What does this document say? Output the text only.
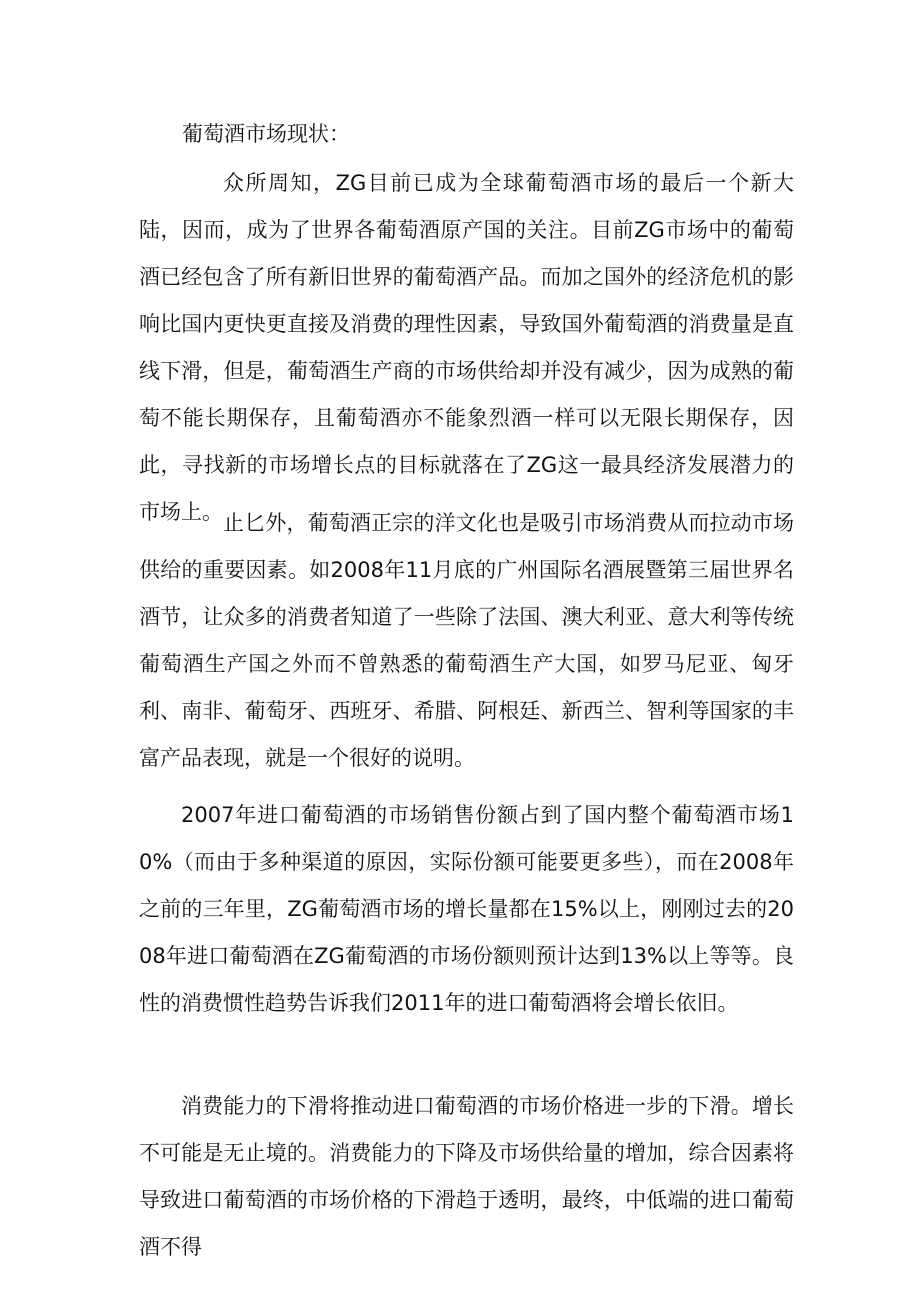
葡萄酒市场现状：

众所周知，ZG目前已成为全球葡萄酒市场的最后一个新大陆，因而，成为了世界各葡萄酒原产国的关注。目前ZG市场中的葡萄酒已经包含了所有新旧世界的葡萄酒产品。而加之国外的经济危机的影响比国内更快更直接及消费的理性因素，导致国外葡萄酒的消费量是直线下滑，但是，葡萄酒生产商的市场供给却并没有减少，因为成熟的葡萄不能长期保存，且葡萄酒亦不能象烈酒一样可以无限长期保存，因此，寻找新的市场增长点的目标就落在了ZG这一最具经济发展潜力的市场上。 止匕外，葡萄酒正宗的洋文化也是吸引市场消费从而拉动市场供给的重要因素。如2008年11月底的广州国际名酒展暨第三届世界名酒节，让众多的消费者知道了一些除了法国、澳大利亚、意大利等传统葡萄酒生产国之外而不曾熟悉的葡萄酒生产大国，如罗马尼亚、匈牙利、南非、葡萄牙、西班牙、希腊、阿根廷、新西兰、智利等国家的丰富产品表现，就是一个很好的说明。

2007年进口葡萄酒的市场销售份额占到了国内整个葡萄酒市场10%（而由于多种渠道的原因，实际份额可能要更多些），而在2008年之前的三年里，ZG葡萄酒市场的增长量都在15%以上，刚刚过去的2008年进口葡萄酒在ZG葡萄酒的市场份额则预计达到13%以上等等。良性的消费惯性趋势告诉我们2011年的进口葡萄酒将会增长依旧。

消费能力的下滑将推动进口葡萄酒的市场价格进一步的下滑。增长不可能是无止境的。消费能力的下降及市场供给量的增加，综合因素将导致进口葡萄酒的市场价格的下滑趋于透明，最终，中低端的进口葡萄酒不得
